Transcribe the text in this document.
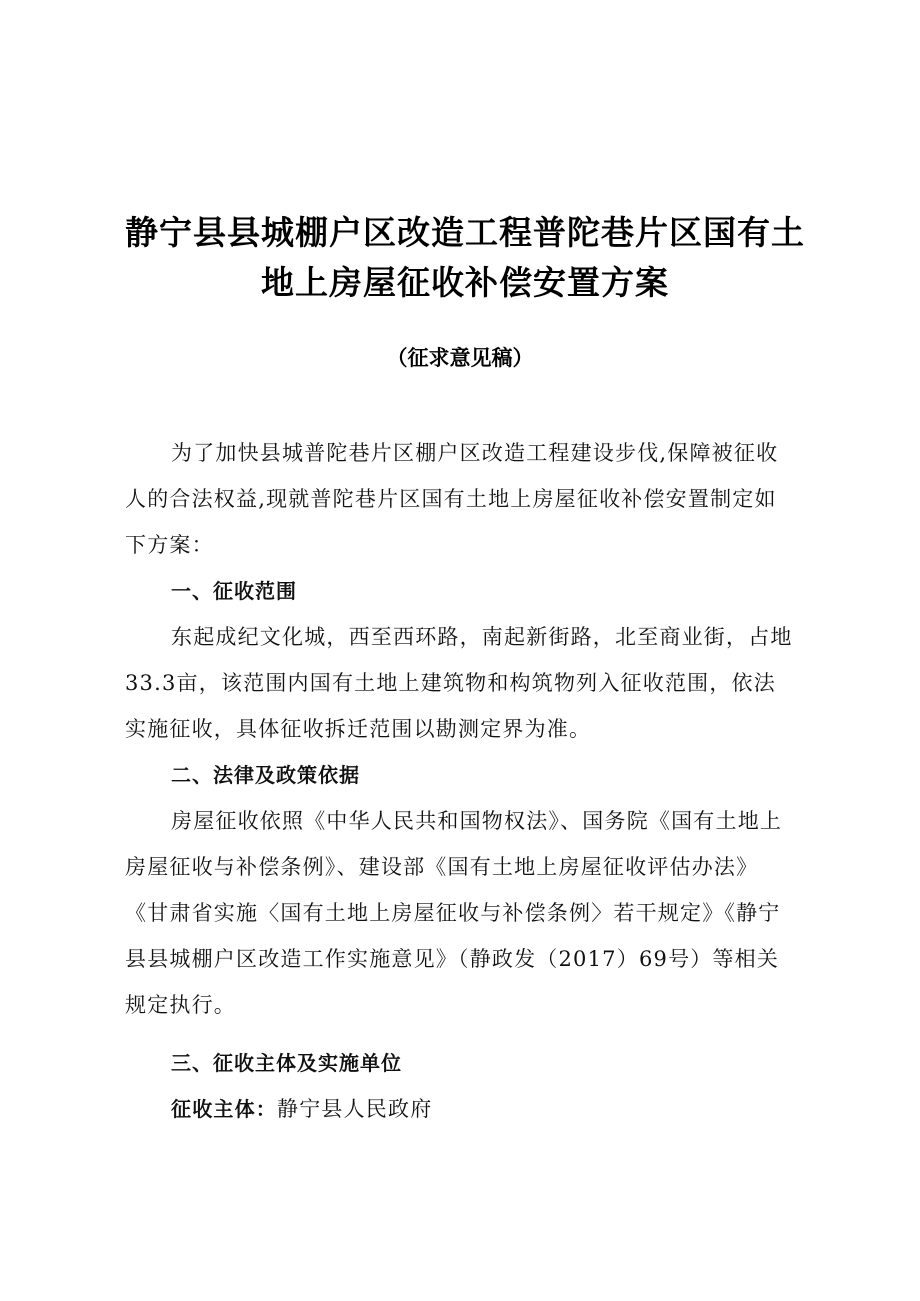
静宁县县城棚户区改造工程普陀巷片区国有土
地上房屋征收补偿安置方案
（征求意见稿）

为了加快县城普陀巷片区棚户区改造工程建设步伐,保障被征收
人的合法权益,现就普陀巷片区国有土地上房屋征收补偿安置制定如
下方案：

一、征收范围

东起成纪文化城，西至西环路，南起新街路，北至商业街，占地
33.3亩，该范围内国有土地上建筑物和构筑物列入征收范围，依法
实施征收，具体征收拆迁范围以勘测定界为准。

二、法律及政策依据

房屋征收依照《中华人民共和国物权法》、国务院《国有土地上
房屋征收与补偿条例》、建设部《国有土地上房屋征收评估办法》
《甘肃省实施〈国有土地上房屋征收与补偿条例〉若干规定》《静宁
县县城棚户区改造工作实施意见》（静政发（2017）69号）等相关
规定执行。

三、征收主体及实施单位

征收主体：静宁县人民政府
